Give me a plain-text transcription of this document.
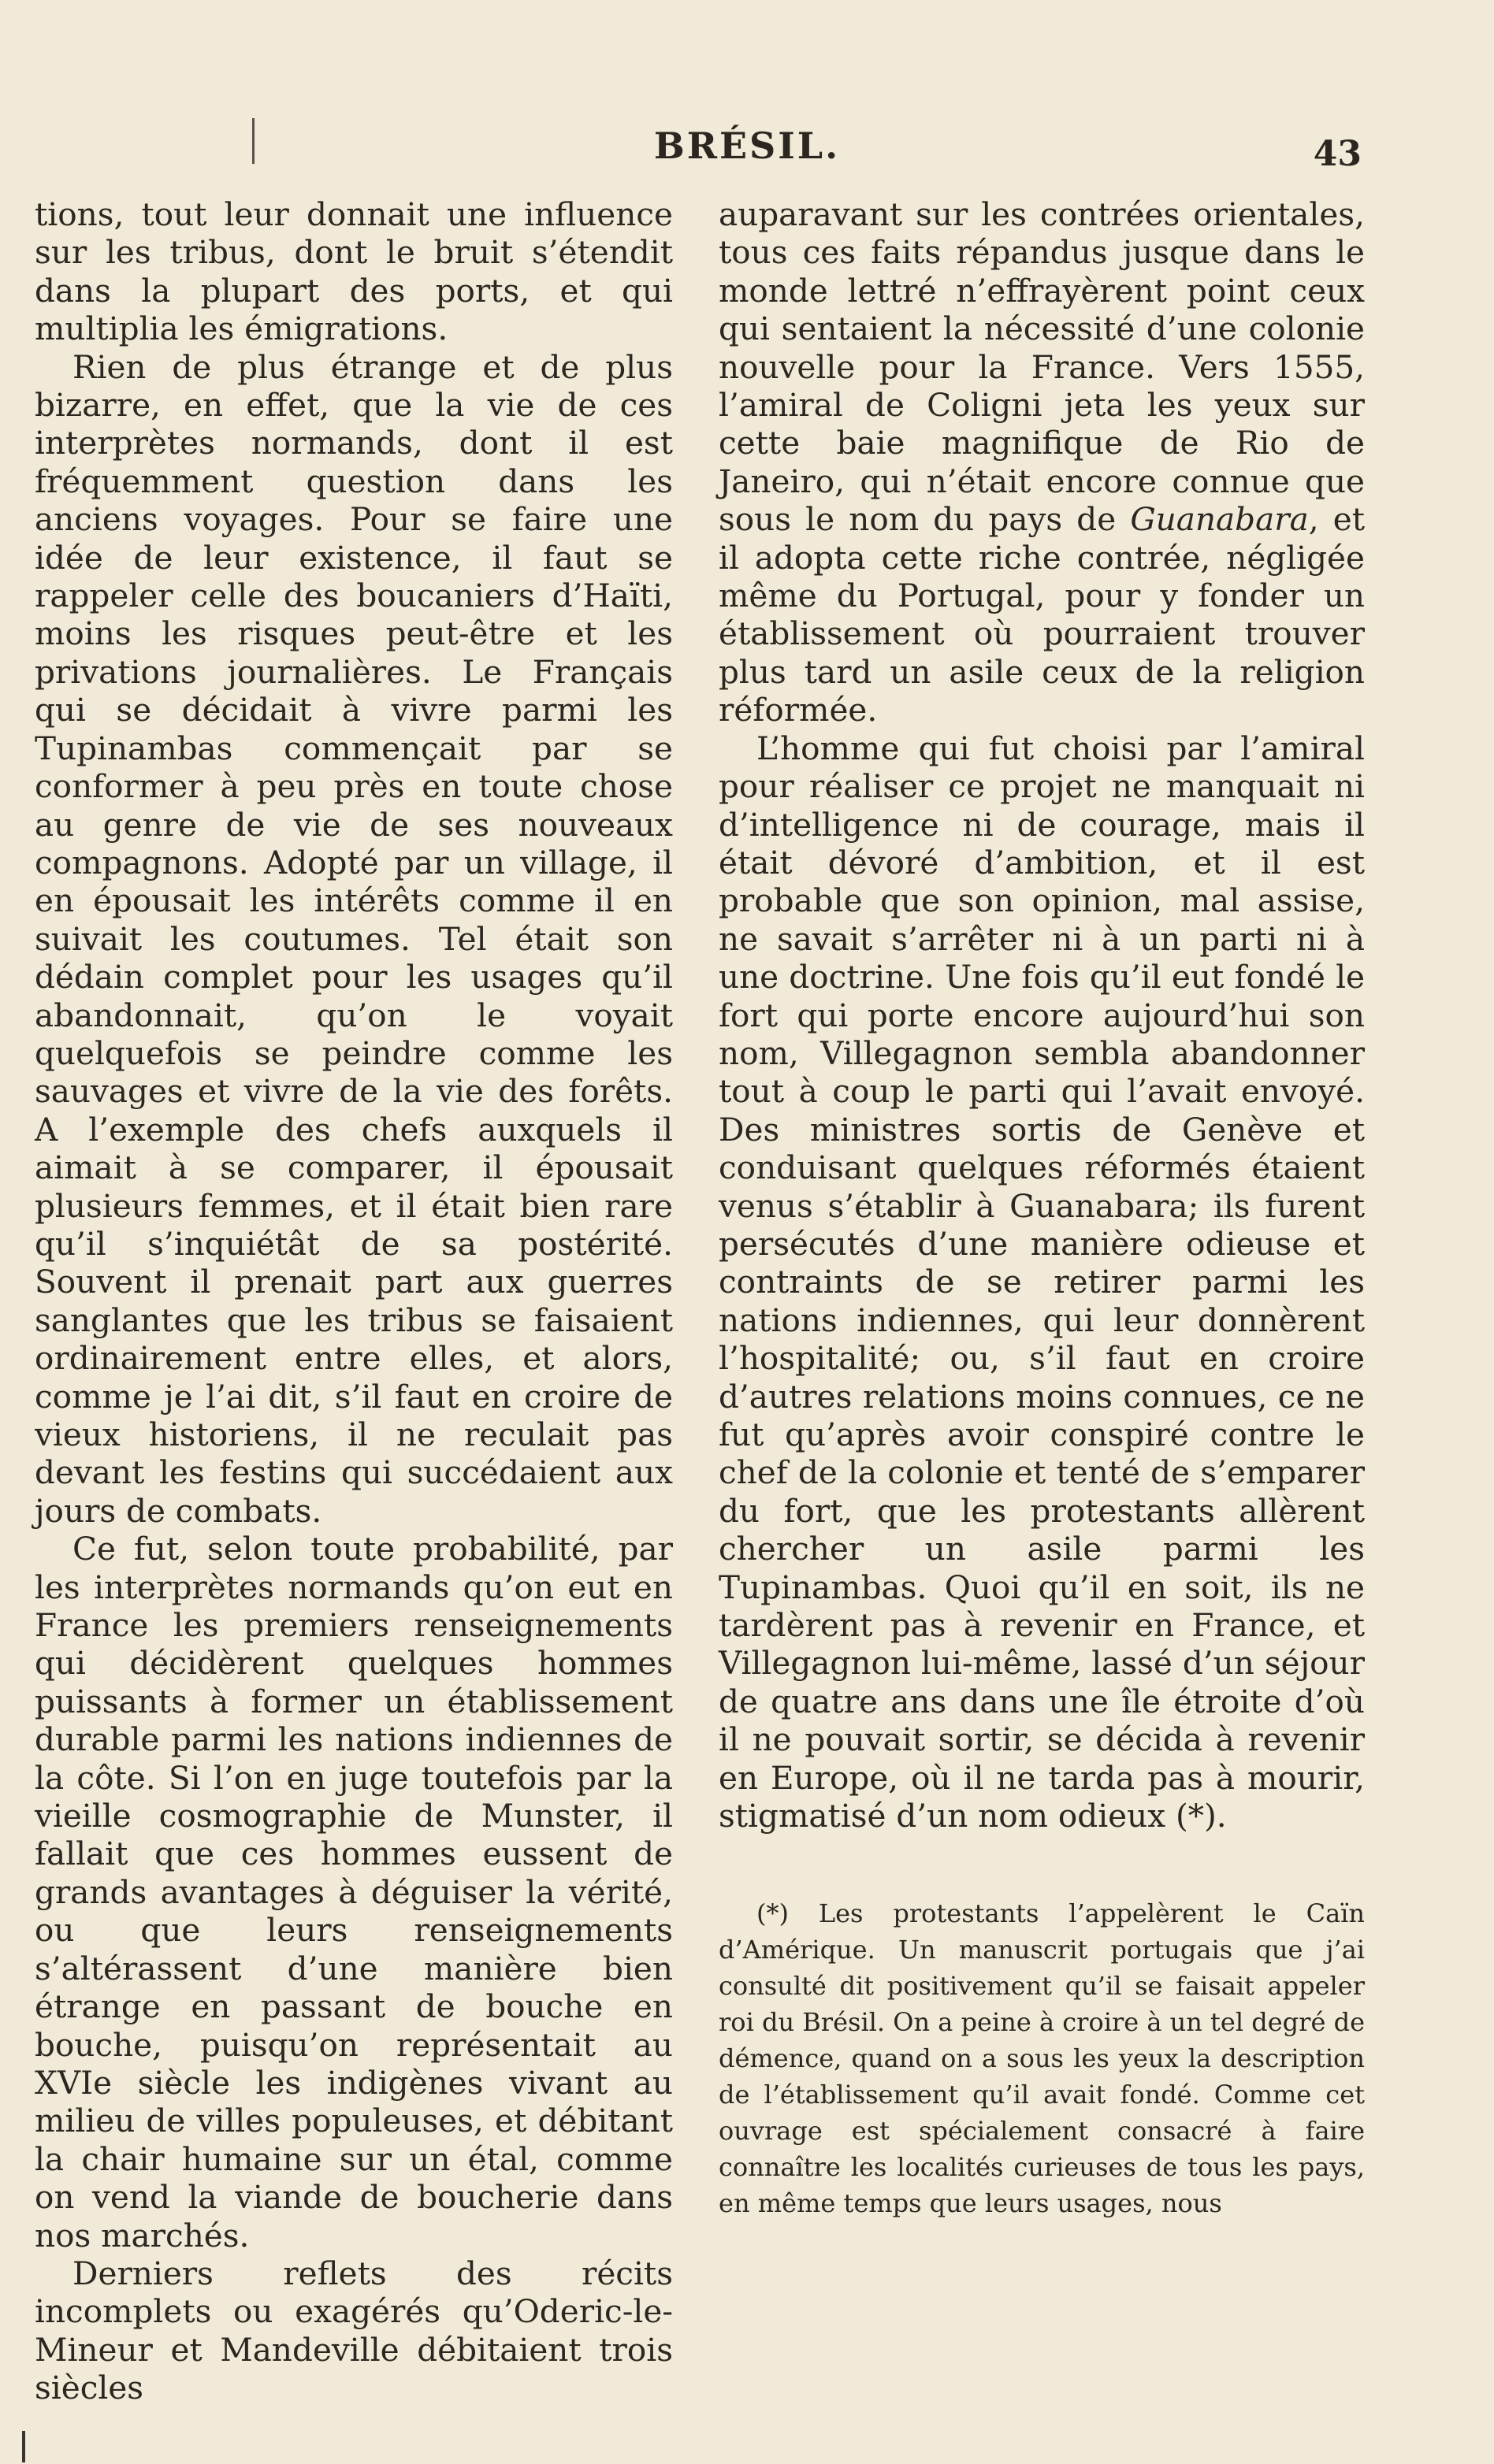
BRÉSIL.	43

tions, tout leur donnait une influence sur les tribus, dont le bruit s’étendit dans la plupart des ports, et qui multiplia les émigrations.

Rien de plus étrange et de plus bizarre, en effet, que la vie de ces interprètes normands, dont il est fréquemment question dans les anciens voyages. Pour se faire une idée de leur existence, il faut se rappeler celle des boucaniers d’Haïti, moins les risques peut-être et les privations journalières. Le Français qui se décidait à vivre parmi les Tupinambas commençait par se conformer à peu près en toute chose au genre de vie de ses nouveaux compagnons. Adopté par un village, il en épousait les intérêts comme il en suivait les coutumes. Tel était son dédain complet pour les usages qu’il abandonnait, qu’on le voyait quelquefois se peindre comme les sauvages et vivre de la vie des forêts. A l’exemple des chefs auxquels il aimait à se comparer, il épousait plusieurs femmes, et il était bien rare qu’il s’inquiétât de sa postérité. Souvent il prenait part aux guerres sanglantes que les tribus se faisaient ordinairement entre elles, et alors, comme je l’ai dit, s’il faut en croire de vieux historiens, il ne reculait pas devant les festins qui succédaient aux jours de combats.

Ce fut, selon toute probabilité, par les interprètes normands qu’on eut en France les premiers renseignements qui décidèrent quelques hommes puissants à former un établissement durable parmi les nations indiennes de la côte. Si l’on en juge toutefois par la vieille cosmographie de Munster, il fallait que ces hommes eussent de grands avantages à déguiser la vérité, ou que leurs renseignements s’altérassent d’une manière bien étrange en passant de bouche en bouche, puisqu’on représentait au XVIe siècle les indigènes vivant au milieu de villes populeuses, et débitant la chair humaine sur un étal, comme on vend la viande de boucherie dans nos marchés.

Derniers reflets des récits incomplets ou exagérés qu’Oderic-le-Mineur et Mandeville débitaient trois siècles

auparavant sur les contrées orientales, tous ces faits répandus jusque dans le monde lettré n’effrayèrent point ceux qui sentaient la nécessité d’une colonie nouvelle pour la France. Vers 1555, l’amiral de Coligni jeta les yeux sur cette baie magnifique de Rio de Janeiro, qui n’était encore connue que sous le nom du pays de Guanabara, et il adopta cette riche contrée, négligée même du Portugal, pour y fonder un établissement où pourraient trouver plus tard un asile ceux de la religion réformée.

L’homme qui fut choisi par l’amiral pour réaliser ce projet ne manquait ni d’intelligence ni de courage, mais il était dévoré d’ambition, et il est probable que son opinion, mal assise, ne savait s’arrêter ni à un parti ni à une doctrine. Une fois qu’il eut fondé le fort qui porte encore aujourd’hui son nom, Villegagnon sembla abandonner tout à coup le parti qui l’avait envoyé. Des ministres sortis de Genève et conduisant quelques réformés étaient venus s’établir à Guanabara; ils furent persécutés d’une manière odieuse et contraints de se retirer parmi les nations indiennes, qui leur donnèrent l’hospitalité; ou, s’il faut en croire d’autres relations moins connues, ce ne fut qu’après avoir conspiré contre le chef de la colonie et tenté de s’emparer du fort, que les protestants allèrent chercher un asile parmi les Tupinambas. Quoi qu’il en soit, ils ne tardèrent pas à revenir en France, et Villegagnon lui-même, lassé d’un séjour de quatre ans dans une île étroite d’où il ne pouvait sortir, se décida à revenir en Europe, où il ne tarda pas à mourir, stigmatisé d’un nom odieux (*).

(*) Les protestants l’appelèrent le Caïn d’Amérique. Un manuscrit portugais que j’ai consulté dit positivement qu’il se faisait appeler roi du Brésil. On a peine à croire à un tel degré de démence, quand on a sous les yeux la description de l’établissement qu’il avait fondé. Comme cet ouvrage est spécialement consacré à faire connaître les localités curieuses de tous les pays, en même temps que leurs usages, nous
